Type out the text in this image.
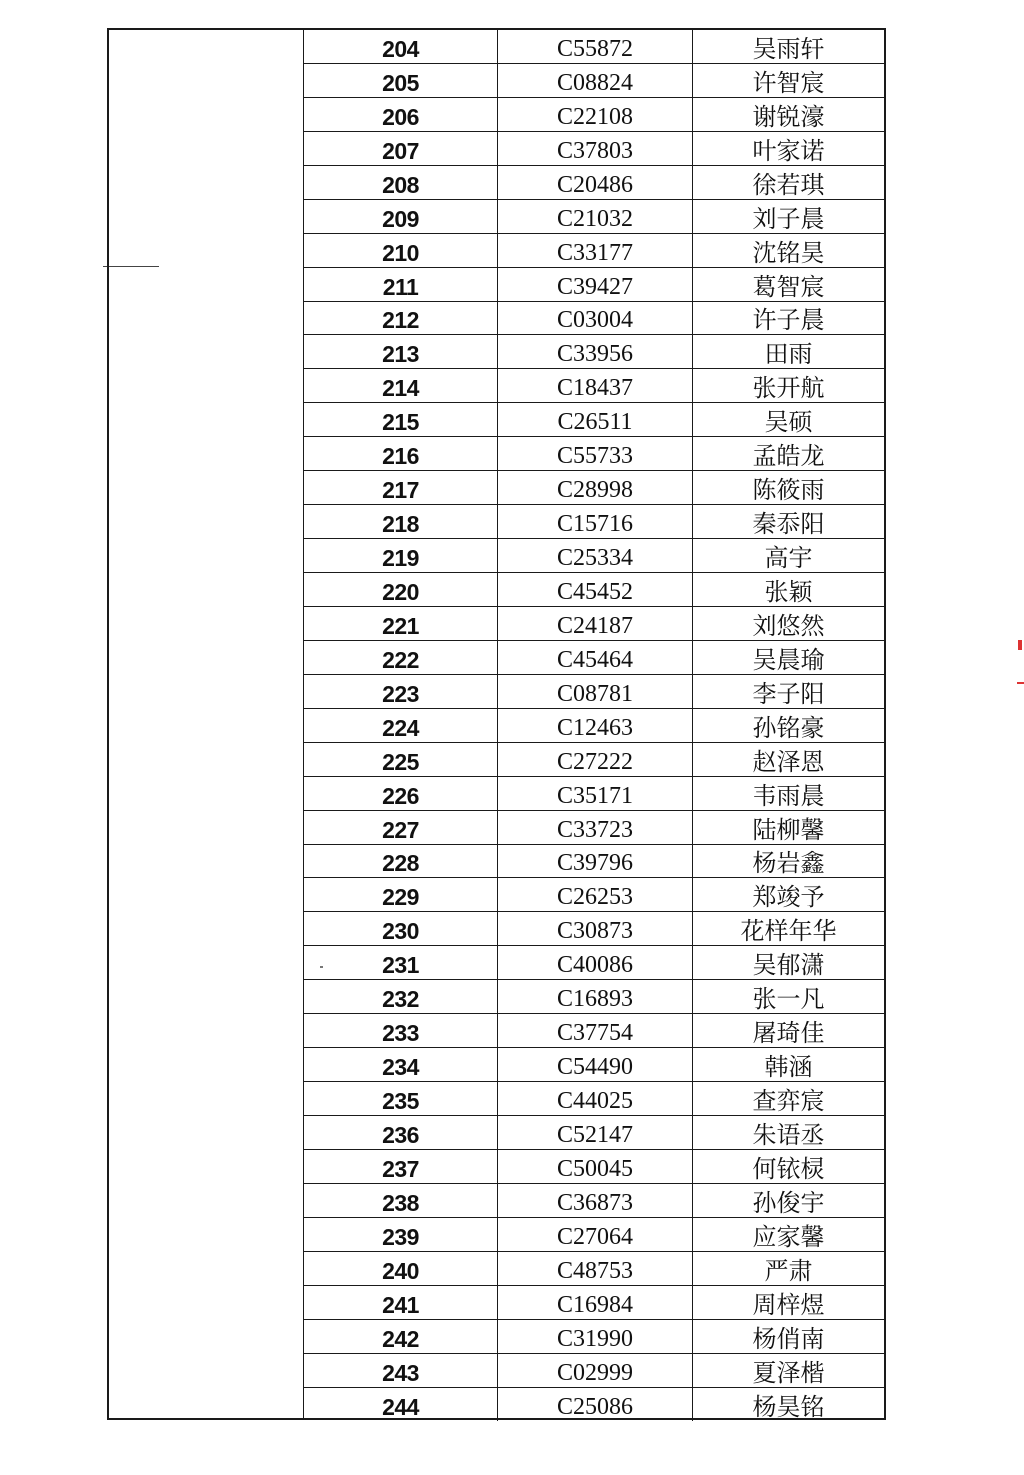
204	C55872	吴雨轩
205	C08824	许智宸
206	C22108	谢锐濠
207	C37803	叶家诺
208	C20486	徐若琪
209	C21032	刘子晨
210	C33177	沈铭昊
211	C39427	葛智宸
212	C03004	许子晨
213	C33956	田雨
214	C18437	张开航
215	C26511	吴硕
216	C55733	孟皓龙
217	C28998	陈筱雨
218	C15716	秦忝阳
219	C25334	高宇
220	C45452	张颖
221	C24187	刘悠然
222	C45464	吴晨瑜
223	C08781	李子阳
224	C12463	孙铭豪
225	C27222	赵泽恩
226	C35171	韦雨晨
227	C33723	陆柳馨
228	C39796	杨岩鑫
229	C26253	郑竣予
230	C30873	花样年华
231	C40086	吴郁潇
232	C16893	张一凡
233	C37754	屠琦佳
234	C54490	韩涵
235	C44025	查弈宸
236	C52147	朱语丞
237	C50045	何铱棂
238	C36873	孙俊宇
239	C27064	应家馨
240	C48753	严肃
241	C16984	周梓煜
242	C31990	杨俏南
243	C02999	夏泽楷
244	C25086	杨昊铭
